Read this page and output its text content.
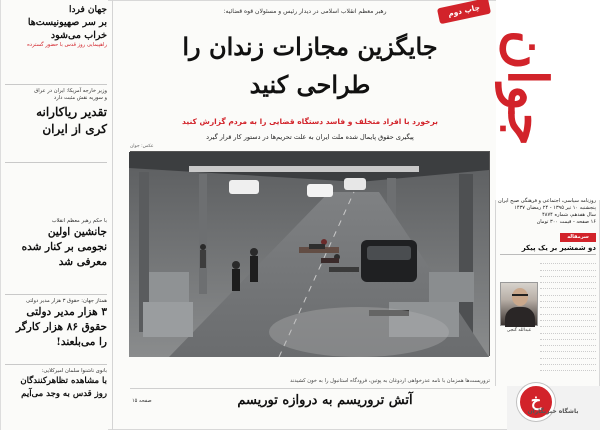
جهان فردا
بر سر صهیونیست‌ها
خراب می‌شود
راهپیمایی روز قدس با حضور گسترده
وزیر خارجه آمریکا: ایران در عراق
و سوریه نقش مثبت دارد
تقدیر ریاکارانه
کری از ایران
با حکم رهبر معظم انقلاب
جانشین اولین
نجومی بر کنار شده
معرفی شد
همتاز جهان: حقوق ۳ هزار مدیر دولتی
۳ هزار مدیر دولتی
حقوق ۸۶ هزار کارگر
را می‌بلعند!
بانوی ناشنوا سلمان امیرکلایی:
با مشاهده تظاهرکنندگان
روز قدس به وجد می‌آیم
چاپ دوم
رهبر معظم انقلاب اسلامی در دیدار رئیس و مسئولان قوه قضائیه:
جایگزین مجازات زندان را
طراحی کنید
برخورد با افراد متخلف و فاسد دستگاه قضایی را به مردم گزارش کنید
پیگیری حقوق پایمال شده ملت ایران به علت تحریم‌ها در دستور کار قرار گیرد
عکس: جوان
تروریست‌ها همزمان با نامه عذرخواهی اردوغان به پوتین، فرودگاه استانبول را به خون کشیدند
آتش تروریسم به دروازه توریسم
صفحه ۱۵
جوان
روزنامه سیاسی، اجتماعی و فرهنگی صبح ایران
پنجشنبه ۱۰ تیر ۱۳۹۵ - ۲۴ رمضان ۱۴۳۷
سال هفدهم، شماره ۴۸۷۴
۱۶ صفحه - قیمت ۳۰۰ تومان
سرمقاله
دو شمشیر بر یک پیکر

عبدالله گنجی
خ
باشگاه خبرنگاران
